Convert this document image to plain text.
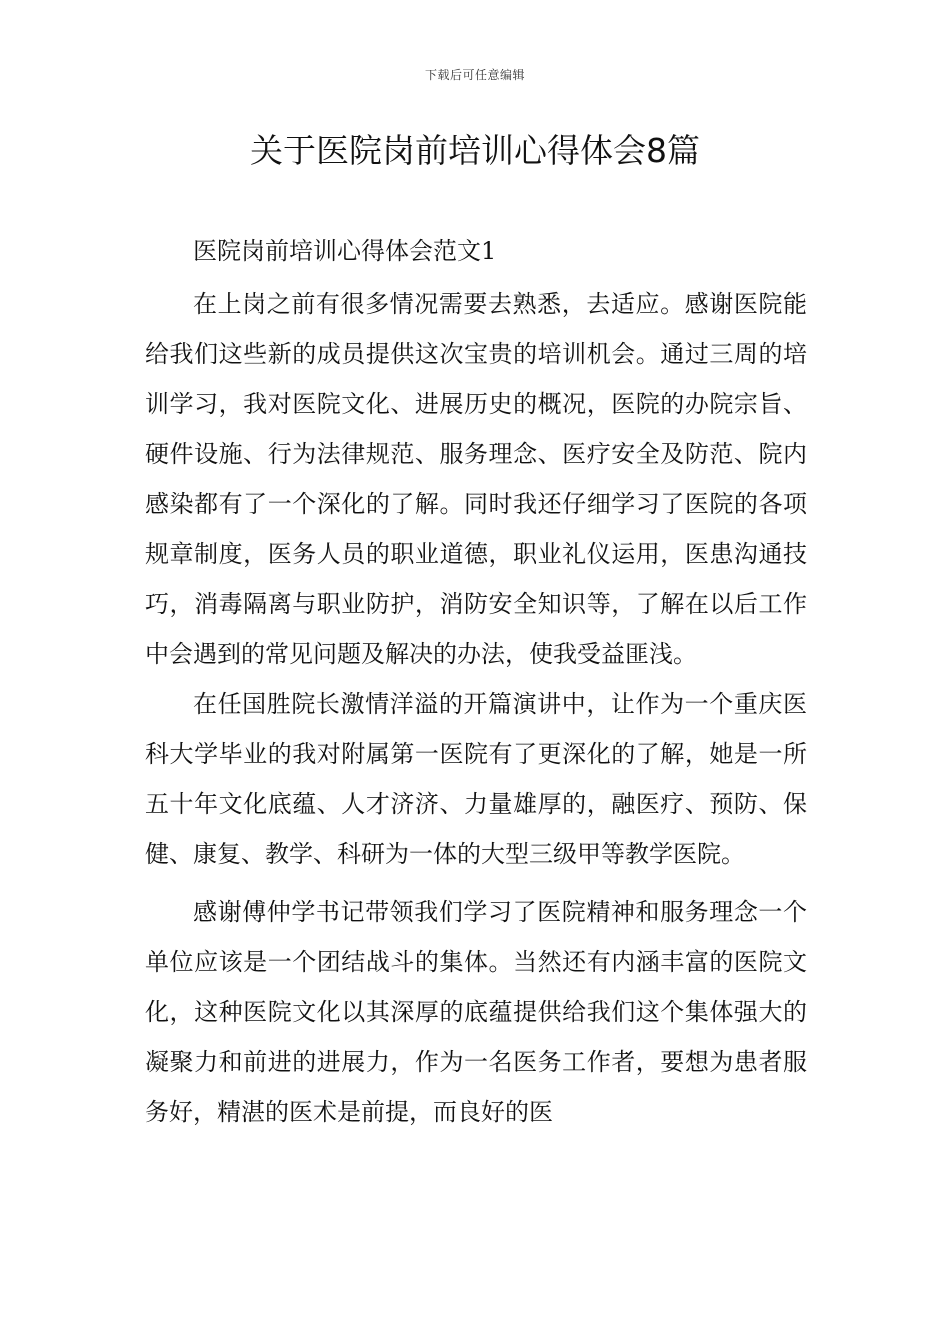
下载后可任意编辑
关于医院岗前培训心得体会8篇

医院岗前培训心得体会范文1

在上岗之前有很多情况需要去熟悉，去适应。感谢医院能给我们这些新的成员提供这次宝贵的培训机会。通过三周的培训学习，我对医院文化、进展历史的概况，医院的办院宗旨、硬件设施、行为法律规范、服务理念、医疗安全及防范、院内感染都有了一个深化的了解。同时我还仔细学习了医院的各项规章制度，医务人员的职业道德，职业礼仪运用，医患沟通技巧，消毒隔离与职业防护，消防安全知识等，了解在以后工作中会遇到的常见问题及解决的办法，使我受益匪浅。

在任国胜院长激情洋溢的开篇演讲中，让作为一个重庆医科大学毕业的我对附属第一医院有了更深化的了解，她是一所五十年文化底蕴、人才济济、力量雄厚的，融医疗、预防、保健、康复、教学、科研为一体的大型三级甲等教学医院。

感谢傅仲学书记带领我们学习了医院精神和服务理念一个单位应该是一个团结战斗的集体。当然还有内涵丰富的医院文化，这种医院文化以其深厚的底蕴提供给我们这个集体强大的凝聚力和前进的进展力，作为一名医务工作者，要想为患者服务好，精湛的医术是前提，而良好的医
